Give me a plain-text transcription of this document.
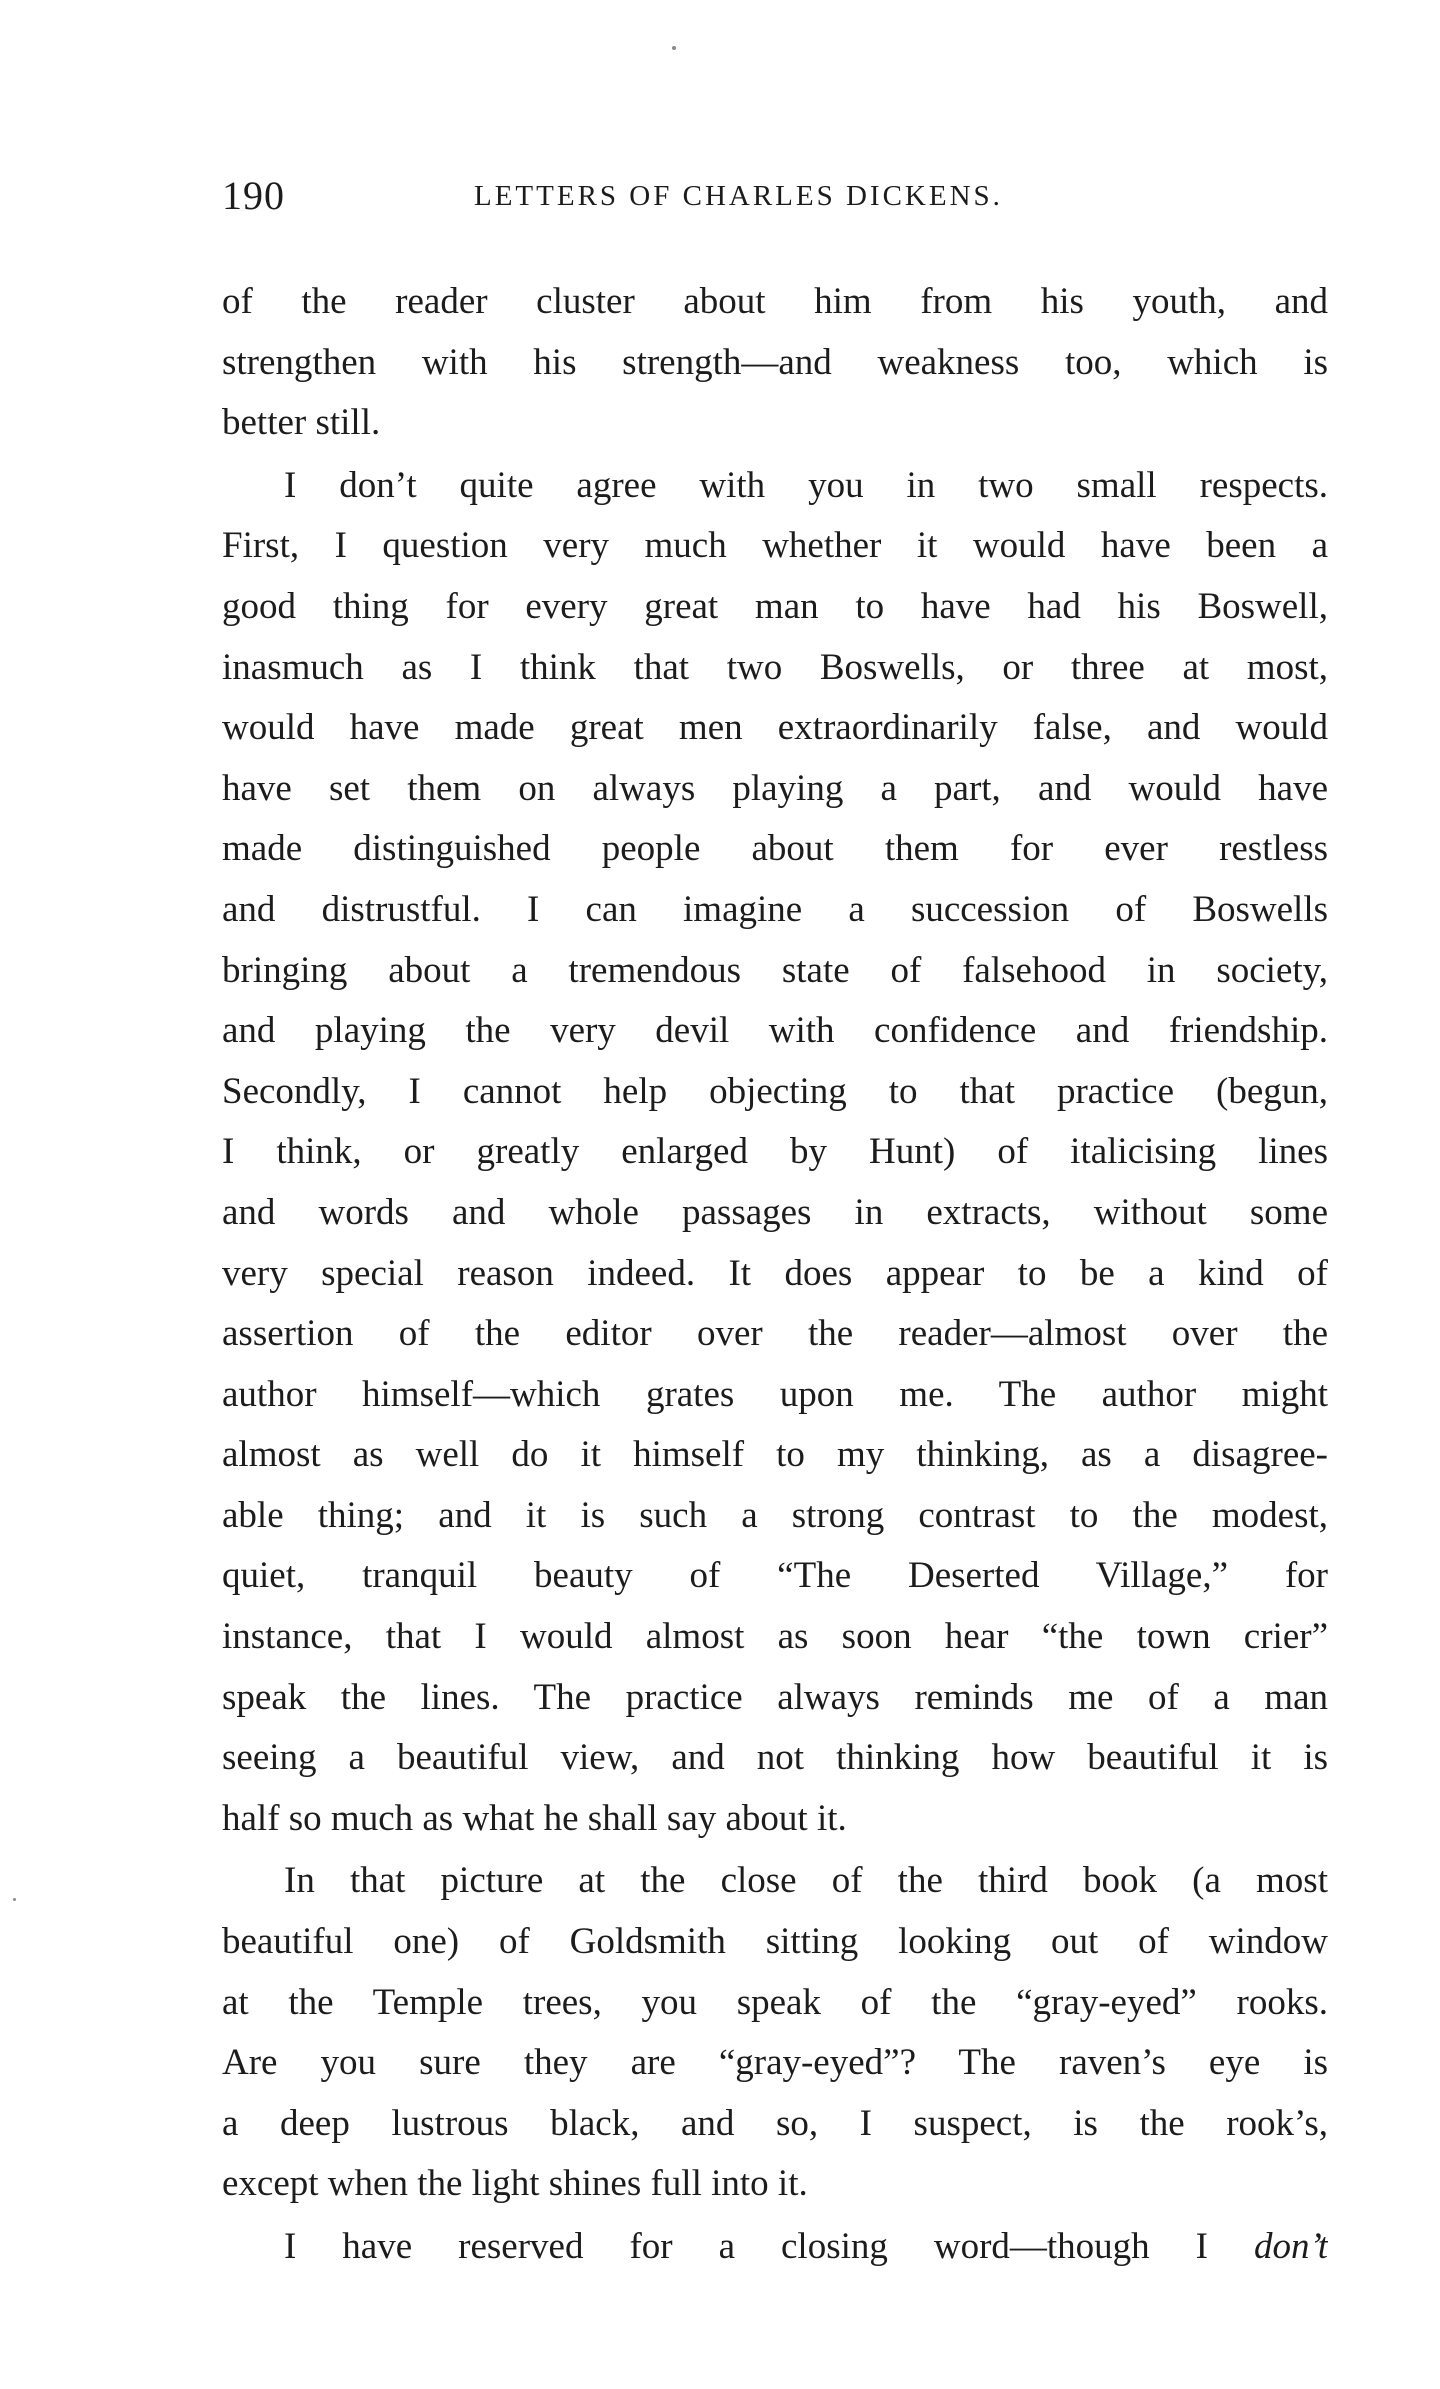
190	LETTERS OF CHARLES DICKENS.
of the reader cluster about him from his youth, and
strengthen with his strength—and weakness too, which is
better still.
I don’t quite agree with you in two small respects.
First, I question very much whether it would have been a
good thing for every great man to have had his Boswell,
inasmuch as I think that two Boswells, or three at most,
would have made great men extraordinarily false, and would
have set them on always playing a part, and would have
made distinguished people about them for ever restless
and distrustful. I can imagine a succession of Boswells
bringing about a tremendous state of falsehood in society,
and playing the very devil with confidence and friendship.
Secondly, I cannot help objecting to that practice (begun,
I think, or greatly enlarged by Hunt) of italicising lines
and words and whole passages in extracts, without some
very special reason indeed. It does appear to be a kind of
assertion of the editor over the reader—almost over the
author himself—which grates upon me. The author might
almost as well do it himself to my thinking, as a disagree-
able thing; and it is such a strong contrast to the modest,
quiet, tranquil beauty of “The Deserted Village,” for
instance, that I would almost as soon hear “the town crier”
speak the lines. The practice always reminds me of a man
seeing a beautiful view, and not thinking how beautiful it is
half so much as what he shall say about it.
In that picture at the close of the third book (a most
beautiful one) of Goldsmith sitting looking out of window
at the Temple trees, you speak of the “gray-eyed” rooks.
Are you sure they are “gray-eyed”? The raven’s eye is
a deep lustrous black, and so, I suspect, is the rook’s,
except when the light shines full into it.
I have reserved for a closing word—though I don’t
